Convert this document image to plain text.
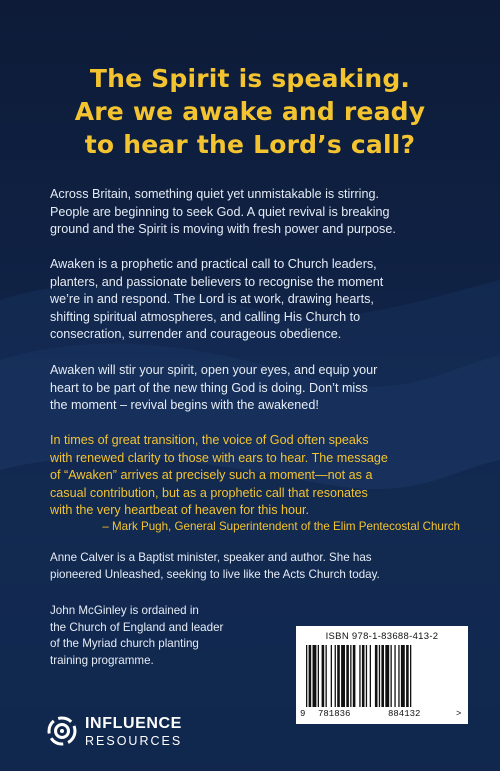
The Spirit is speaking.
Are we awake and ready
to hear the Lord’s call?
Across Britain, something quiet yet unmistakable is stirring.
People are beginning to seek God. A quiet revival is breaking
ground and the Spirit is moving with fresh power and purpose.
Awaken is a prophetic and practical call to Church leaders,
planters, and passionate believers to recognise the moment
we’re in and respond. The Lord is at work, drawing hearts,
shifting spiritual atmospheres, and calling His Church to
consecration, surrender and courageous obedience.
Awaken will stir your spirit, open your eyes, and equip your
heart to be part of the new thing God is doing. Don’t miss
the moment – revival begins with the awakened!
In times of great transition, the voice of God often speaks
with renewed clarity to those with ears to hear. The message
of “Awaken” arrives at precisely such a moment—not as a
casual contribution, but as a prophetic call that resonates
with the very heartbeat of heaven for this hour.
– Mark Pugh, General Superintendent of the Elim Pentecostal Church
Anne Calver is a Baptist minister, speaker and author. She has
pioneered Unleashed, seeking to live like the Acts Church today.
John McGinley is ordained in
the Church of England and leader
of the Myriad church planting
training programme.
ISBN 978-1-83688-413-2
9 781836	884132	>
INFLUENCE
RESOURCES
